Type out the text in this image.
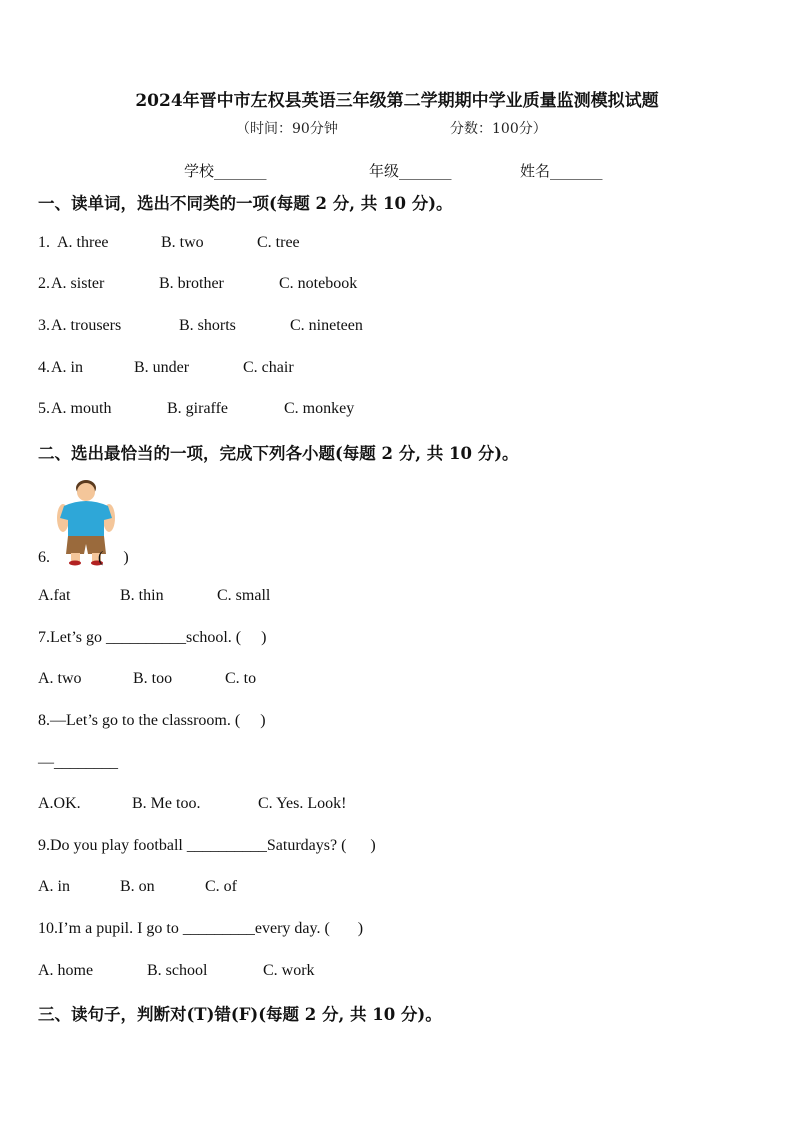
2024年晋中市左权县英语三年级第二学期期中学业质量监测模拟试题
（时间：90分钟	分数：100分）
学校_______	年级_______	姓名_______
一、读单词，选出不同类的一项(每题 2 分, 共 10 分)。
1. A. three	B. two	C. tree
2. A. sister	B. brother	C. notebook
3. A. trousers	B. shorts	C. nineteen
4. A. in	B. under	C. chair
5. A. mouth	B. giraffe	C. monkey
二、选出最恰当的一项，完成下列各小题(每题 2 分, 共 10 分)。
6.            (     )
A.fat	B. thin	C. small
7.Let’s go __________school. (     )
A. two	B. too	C. to
8.—Let’s go to the classroom. (     )
—________
A.OK.	B. Me too.	C. Yes. Look!
9.Do you play football __________Saturdays? (      )
A. in	B. on	C. of
10.I’m a pupil. I go to _________every day. (       )
A. home	B. school	C. work
三、读句子，判断对(T)错(F)(每题 2 分, 共 10 分)。
